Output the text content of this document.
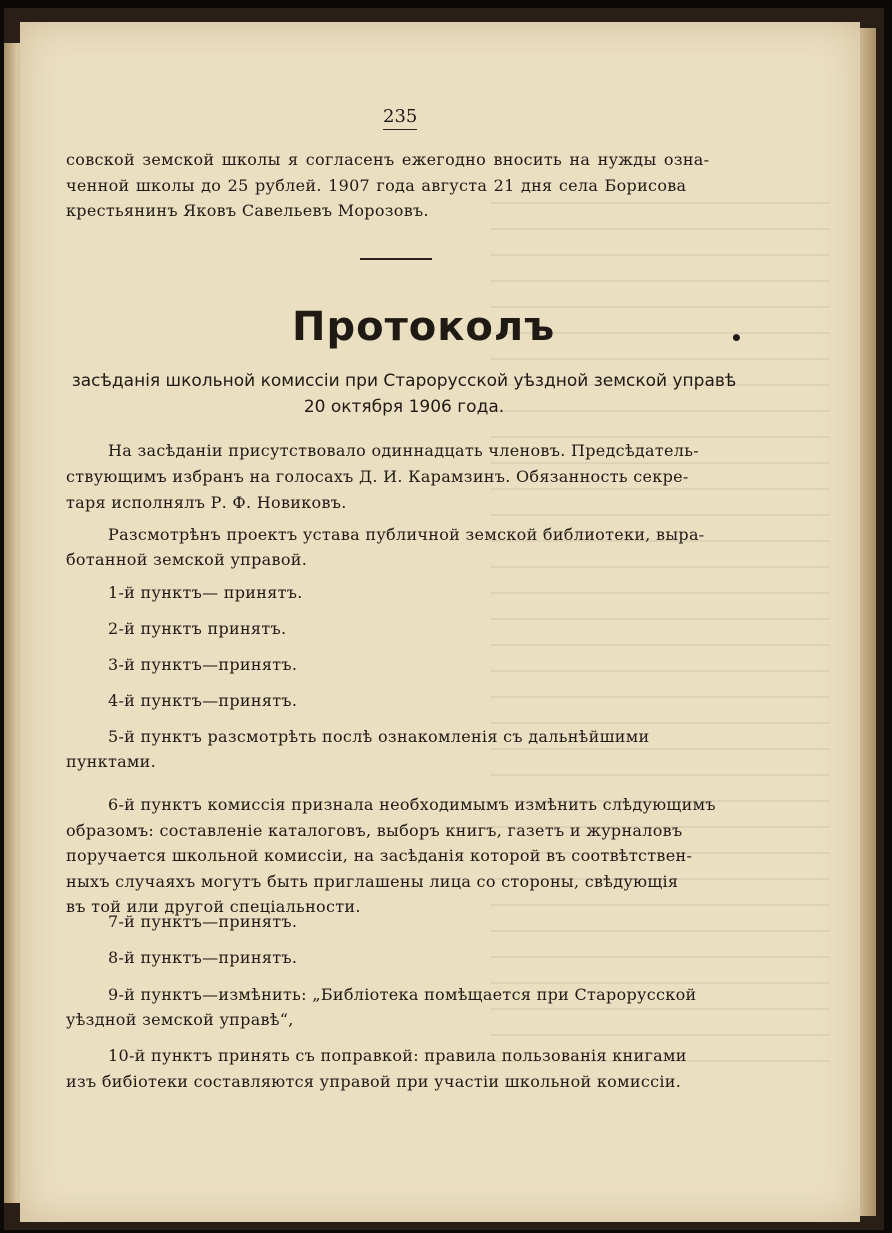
235
совской земской школы я согласенъ ежегодно вносить на нужды озна-
ченной школы до 25 рублей. 1907 года августа 21 дня села Борисова
крестьянинъ Яковъ Савельевъ Морозовъ.
Протоколъ	•
засѣданія школьной комиссіи при Старорусской уѣздной земской управѣ
20 октября 1906 года.
На засѣданіи присутствовало одиннадцать членовъ. Предсѣдатель-
ствующимъ избранъ на голосахъ Д. И. Карамзинъ. Обязанность секре-
таря исполнялъ Р. Ф. Новиковъ.
Разсмотрѣнъ проектъ устава публичной земской библиотеки, выра-
ботанной земской управой.
1-й пунктъ— принятъ.
2-й пунктъ принятъ.
3-й пунктъ—принятъ.
4-й пунктъ—принятъ.
5-й пунктъ разсмотрѣть послѣ ознакомленія съ дальнѣйшими
пунктами.
6-й пунктъ комиссія признала необходимымъ измѣнить слѣдующимъ
образомъ: составленіе каталоговъ, выборъ книгъ, газетъ и журналовъ
поручается школьной комиссіи, на засѣданія которой въ соотвѣтствен-
ныхъ случаяхъ могутъ быть приглашены лица со стороны, свѣдующія
въ той или другой спеціальности.
7-й пунктъ—принятъ.
8-й пунктъ—принятъ.
9-й пунктъ—измѣнить: „Библіотека помѣщается при Старорусской
уѣздной земской управѣ“,
10-й пунктъ принять съ поправкой: правила пользованія книгами
изъ бибіотеки составляются управой при участіи школьной комиссіи.
